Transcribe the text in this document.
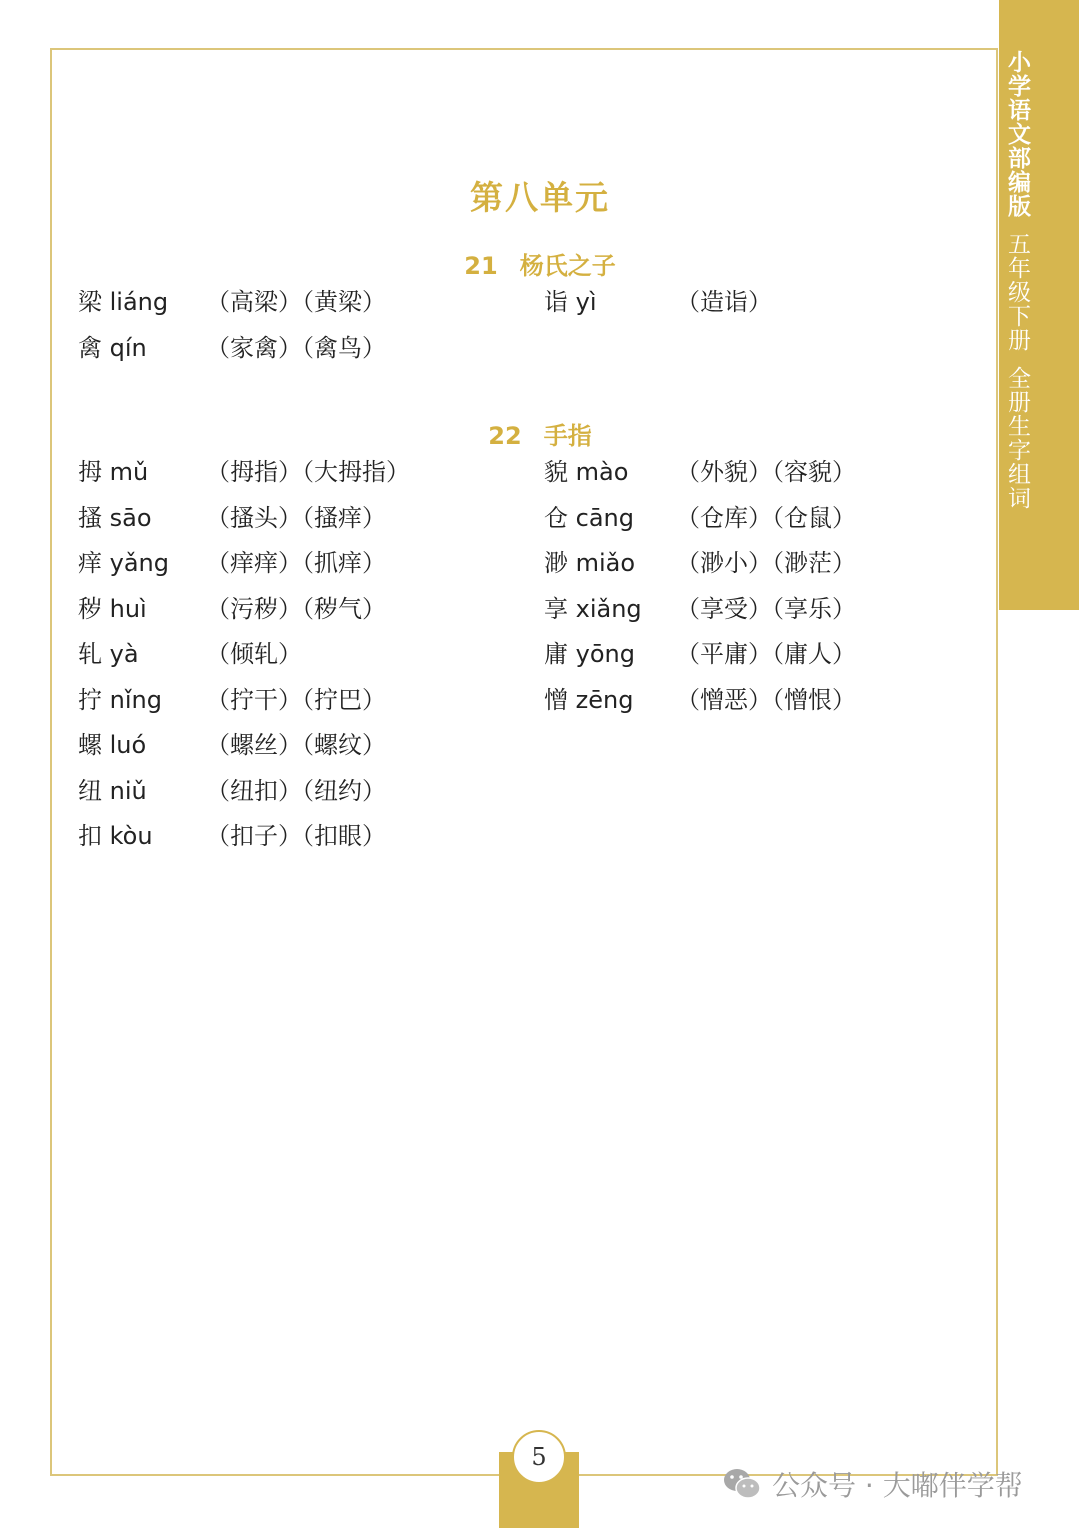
小学语文部编版五年级下册全册生字组词
第八单元
21 杨氏之子
梁 liáng （高梁）（黄梁）
禽 qín （家禽）（禽鸟）
诣 yì	（造诣）
22 手指
拇 mǔ （拇指）（大拇指）
搔 sāo （搔头）（搔痒）
痒 yǎng （痒痒）（抓痒）
秽 huì （污秽）（秽气）
轧 yà	（倾轧）
拧 nǐng （拧干）（拧巴）
螺 luó （螺丝）（螺纹）
纽 niǔ （纽扣）（纽约）
扣 kòu （扣子）（扣眼）
貌 mào （外貌）（容貌）
仓 cāng （仓库）（仓鼠）
渺 miǎo （渺小）（渺茫）
享 xiǎng （享受）（享乐）
庸 yōng （平庸）（庸人）
憎 zēng （憎恶）（憎恨）
5
公众号 · 大嘟伴学帮
